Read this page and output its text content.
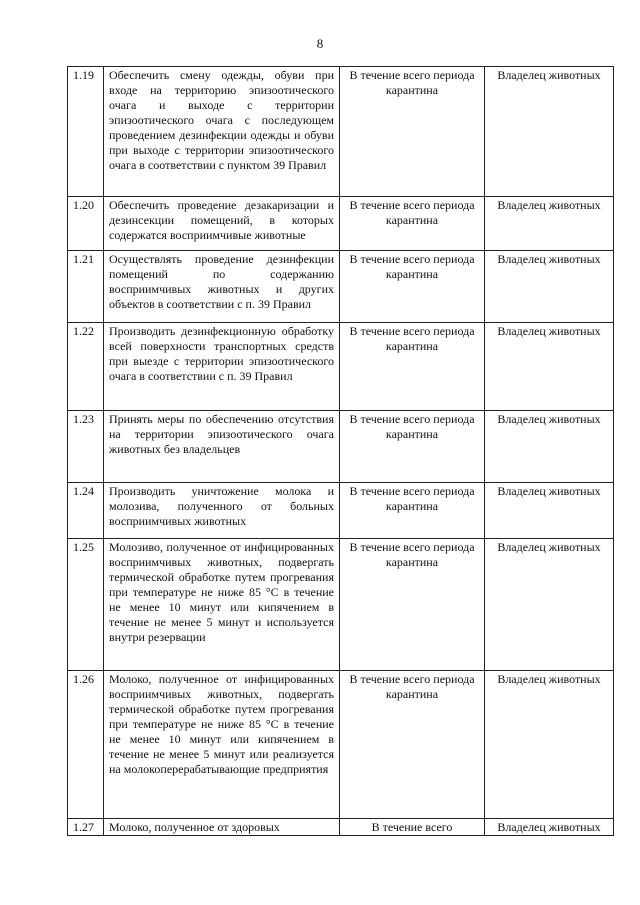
8
1.19	Обеспечить смену одежды, обуви при входе на территорию эпизоотического очага и выходе с территории эпизоотического очага с последующем проведением дезинфекции одежды и обуви при выходе с территории эпизоотического очага в соответствии с пунктом 39 Правил	В течение всего периода карантина	Владелец животных
1.20	Обеспечить проведение дезакаризации и дезинсекции помещений, в которых содержатся восприимчивые животные	В течение всего периода карантина	Владелец животных
1.21	Осуществлять проведение дезинфекции помещений по содержанию восприимчивых животных и других объектов в соответствии с п. 39 Правил	В течение всего периода карантина	Владелец животных
1.22	Производить дезинфекционную обработку всей поверхности транспортных средств при выезде с территории эпизоотического очага в соответствии с п. 39 Правил	В течение всего периода карантина	Владелец животных
1.23	Принять меры по обеспечению отсутствия на территории эпизоотического очага животных без владельцев	В течение всего периода карантина	Владелец животных
1.24	Производить уничтожение молока и молозива, полученного от больных восприимчивых животных	В течение всего периода карантина	Владелец животных
1.25	Молозиво, полученное от инфицированных восприимчивых животных, подвергать термической обработке путем прогревания при температуре не ниже 85 °С в течение не менее 10 минут или кипячением в течение не менее 5 минут и используется внутри резервации	В течение всего периода карантина	Владелец животных
1.26	Молоко, полученное от инфицированных восприимчивых животных, подвергать термической обработке путем прогревания при температуре не ниже 85 °С в течение не менее 10 минут или кипячением в течение не менее 5 минут или реализуется на молокоперерабатывающие предприятия	В течение всего периода карантина	Владелец животных
1.27	Молоко, полученное от здоровых	В течение всего	Владелец животных
